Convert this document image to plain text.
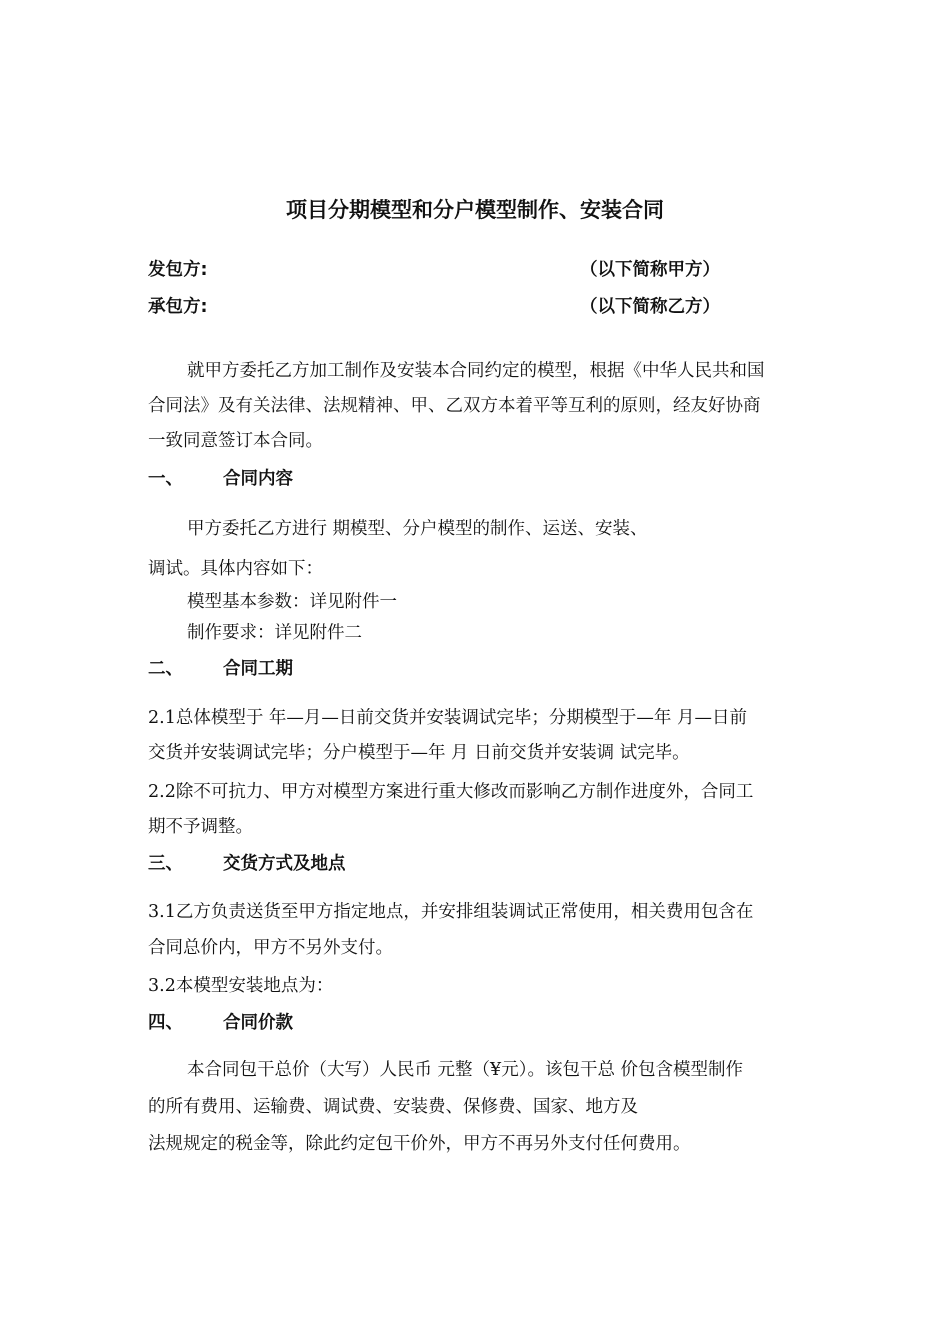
项目分期模型和分户模型制作、安装合同
发包方:	（以下简称甲方）
承包方:	（以下简称乙方）
就甲方委托乙方加工制作及安装本合同约定的模型，根据《中华人民共和国
合同法》及有关法律、法规精神、甲、乙双方本着平等互利的原则，经友好协商
一致同意签订本合同。
一、 合同内容
甲方委托乙方进行 期模型、分户模型的制作、运送、安装、
调试。具体内容如下：
模型基本参数：详见附件一
制作要求：详见附件二
二、 合同工期
2.1总体模型于 年—月—日前交货并安装调试完毕；分期模型于—年 月—日前
交货并安装调试完毕；分户模型于—年 月 日前交货并安装调 试完毕。
2.2除不可抗力、甲方对模型方案进行重大修改而影响乙方制作进度外，合同工
期不予调整。
三、 交货方式及地点
3.1乙方负责送货至甲方指定地点，并安排组装调试正常使用，相关费用包含在
合同总价内，甲方不另外支付。
3.2本模型安装地点为：
四、 合同价款
本合同包干总价（大写）人民币 元整（¥元）。该包干总 价包含模型制作
的所有费用、运输费、调试费、安装费、保修费、国家、地方及
法规规定的税金等，除此约定包干价外，甲方不再另外支付任何费用。
